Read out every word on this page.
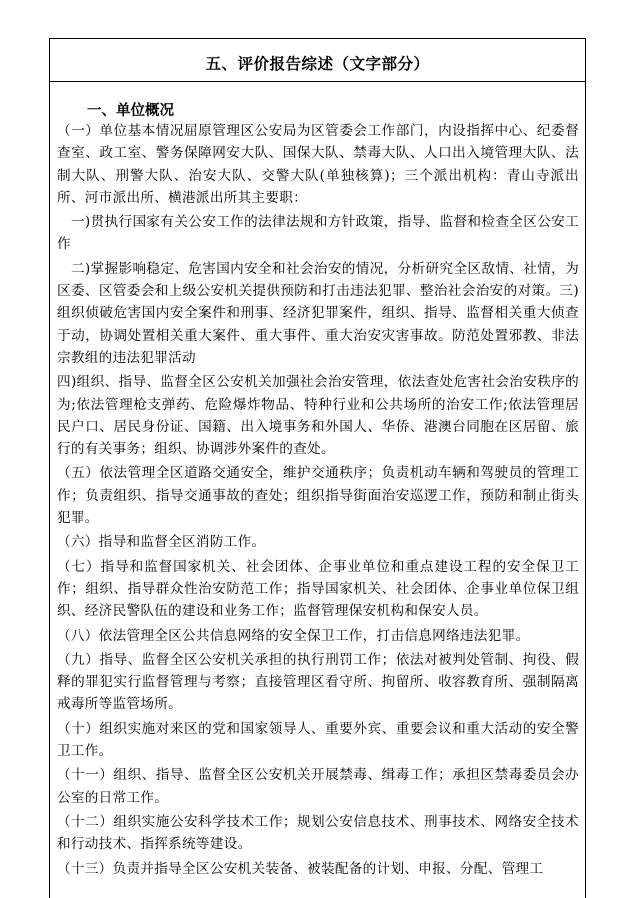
五、评价报告综述（文字部分）
一、单位概况

（一）单位基本情况屈原管理区公安局为区管委会工作部门，内设指挥中心、纪委督查室、政工室、警务保障网安大队、国保大队、禁毒大队、人口出入境管理大队、法制大队、刑警大队、治安大队、交警大队(单独核算)；三个派出机构：青山寺派出所、河市派出所、横港派出所其主要职：

　一)贯执行国家有关公安工作的法律法规和方针政策，指导、监督和检查全区公安工作

　二)掌握影响稳定、危害国内安全和社会治安的情况，分析研究全区敌情、社情，为区委、区管委会和上级公安机关提供预防和打击违法犯罪、整治社会治安的对策。三)组织侦破危害国内安全案件和刑事、经济犯罪案件，组织、指导、监督相关重大侦查于动，协调处置相关重大案件、重大事件、重大治安灾害事故。防范处置邪教、非法宗教组的违法犯罪活动

四)组织、指导、监督全区公安机关加强社会治安管理，依法查处危害社会治安秩序的为;依法管理枪支弹药、危险爆炸物品、特种行业和公共场所的治安工作;依法管理居民户口、居民身份证、国籍、出入境事务和外国人、华侨、港澳台同胞在区居留、旅行的有关事务；组织、协调涉外案件的查处。

（五）依法管理全区道路交通安全，维护交通秩序；负责机动车辆和驾驶员的管理工作；负责组织、指导交通事故的查处；组织指导街面治安巡逻工作，预防和制止街头犯罪。

（六）指导和监督全区消防工作。

（七）指导和监督国家机关、社会团体、企事业单位和重点建设工程的安全保卫工作；组织、指导群众性治安防范工作；指导国家机关、社会团体、企事业单位保卫组织、经济民警队伍的建设和业务工作；监督管理保安机构和保安人员。

（八）依法管理全区公共信息网络的安全保卫工作，打击信息网络违法犯罪。

（九）指导、监督全区公安机关承担的执行刑罚工作；依法对被判处管制、拘役、假释的罪犯实行监督管理与考察；直接管理区看守所、拘留所、收容教育所、强制隔离戒毒所等监管场所。

（十）组织实施对来区的党和国家领导人、重要外宾、重要会议和重大活动的安全警卫工作。

（十一）组织、指导、监督全区公安机关开展禁毒、缉毒工作；承担区禁毒委员会办公室的日常工作。

（十二）组织实施公安科学技术工作；规划公安信息技术、刑事技术、网络安全技术和行动技术、指挥系统等建设。

（十三）负责并指导全区公安机关装备、被装配备的计划、申报、分配、管理工
